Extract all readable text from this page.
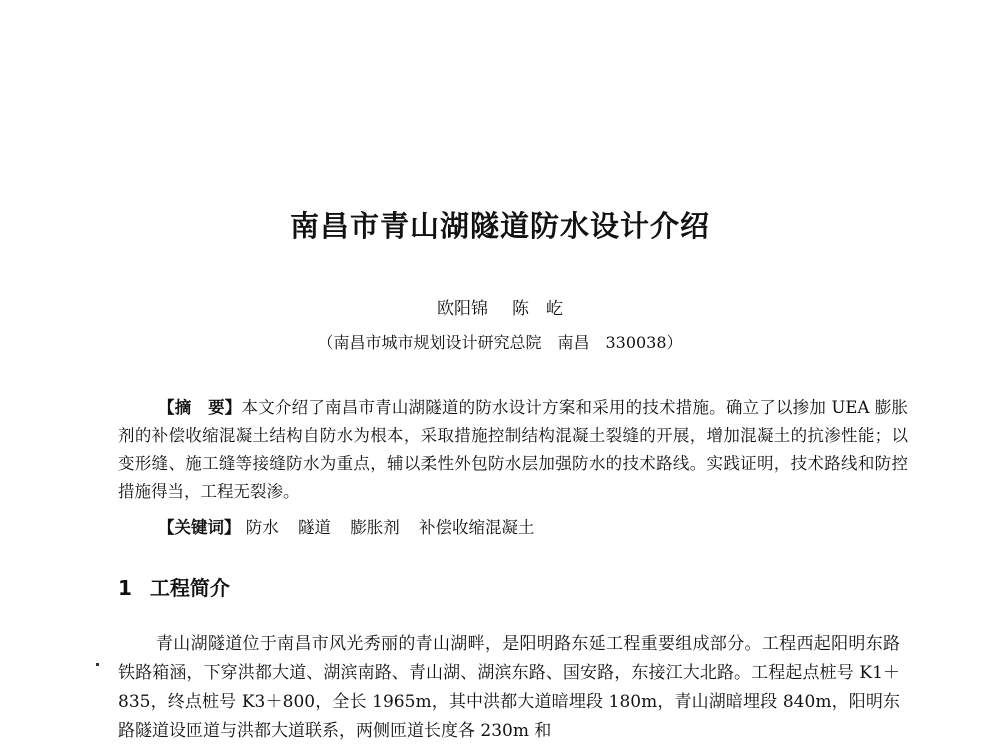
南昌市青山湖隧道防水设计介绍
欧阳锦 陈　屹
（南昌市城市规划设计研究总院　南昌　330038）

【摘　要】本文介绍了南昌市青山湖隧道的防水设计方案和采用的技术措施。确立了以掺加 UEA 膨胀剂的补偿收缩混凝土结构自防水为根本，采取措施控制结构混凝土裂缝的开展，增加混凝土的抗渗性能；以变形缝、施工缝等接缝防水为重点，辅以柔性外包防水层加强防水的技术路线。实践证明，技术路线和防控措施得当，工程无裂渗。

【关键词】 防水 隧道 膨胀剂 补偿收缩混凝土
1 工程简介

青山湖隧道位于南昌市风光秀丽的青山湖畔，是阳明路东延工程重要组成部分。工程西起阳明东路铁路箱涵，下穿洪都大道、湖滨南路、青山湖、湖滨东路、国安路，东接江大北路。工程起点桩号 K1＋835，终点桩号 K3＋800，全长 1965m，其中洪都大道暗埋段 180m，青山湖暗埋段 840m，阳明东路隧道设匝道与洪都大道联系，两侧匝道长度各 230m 和
